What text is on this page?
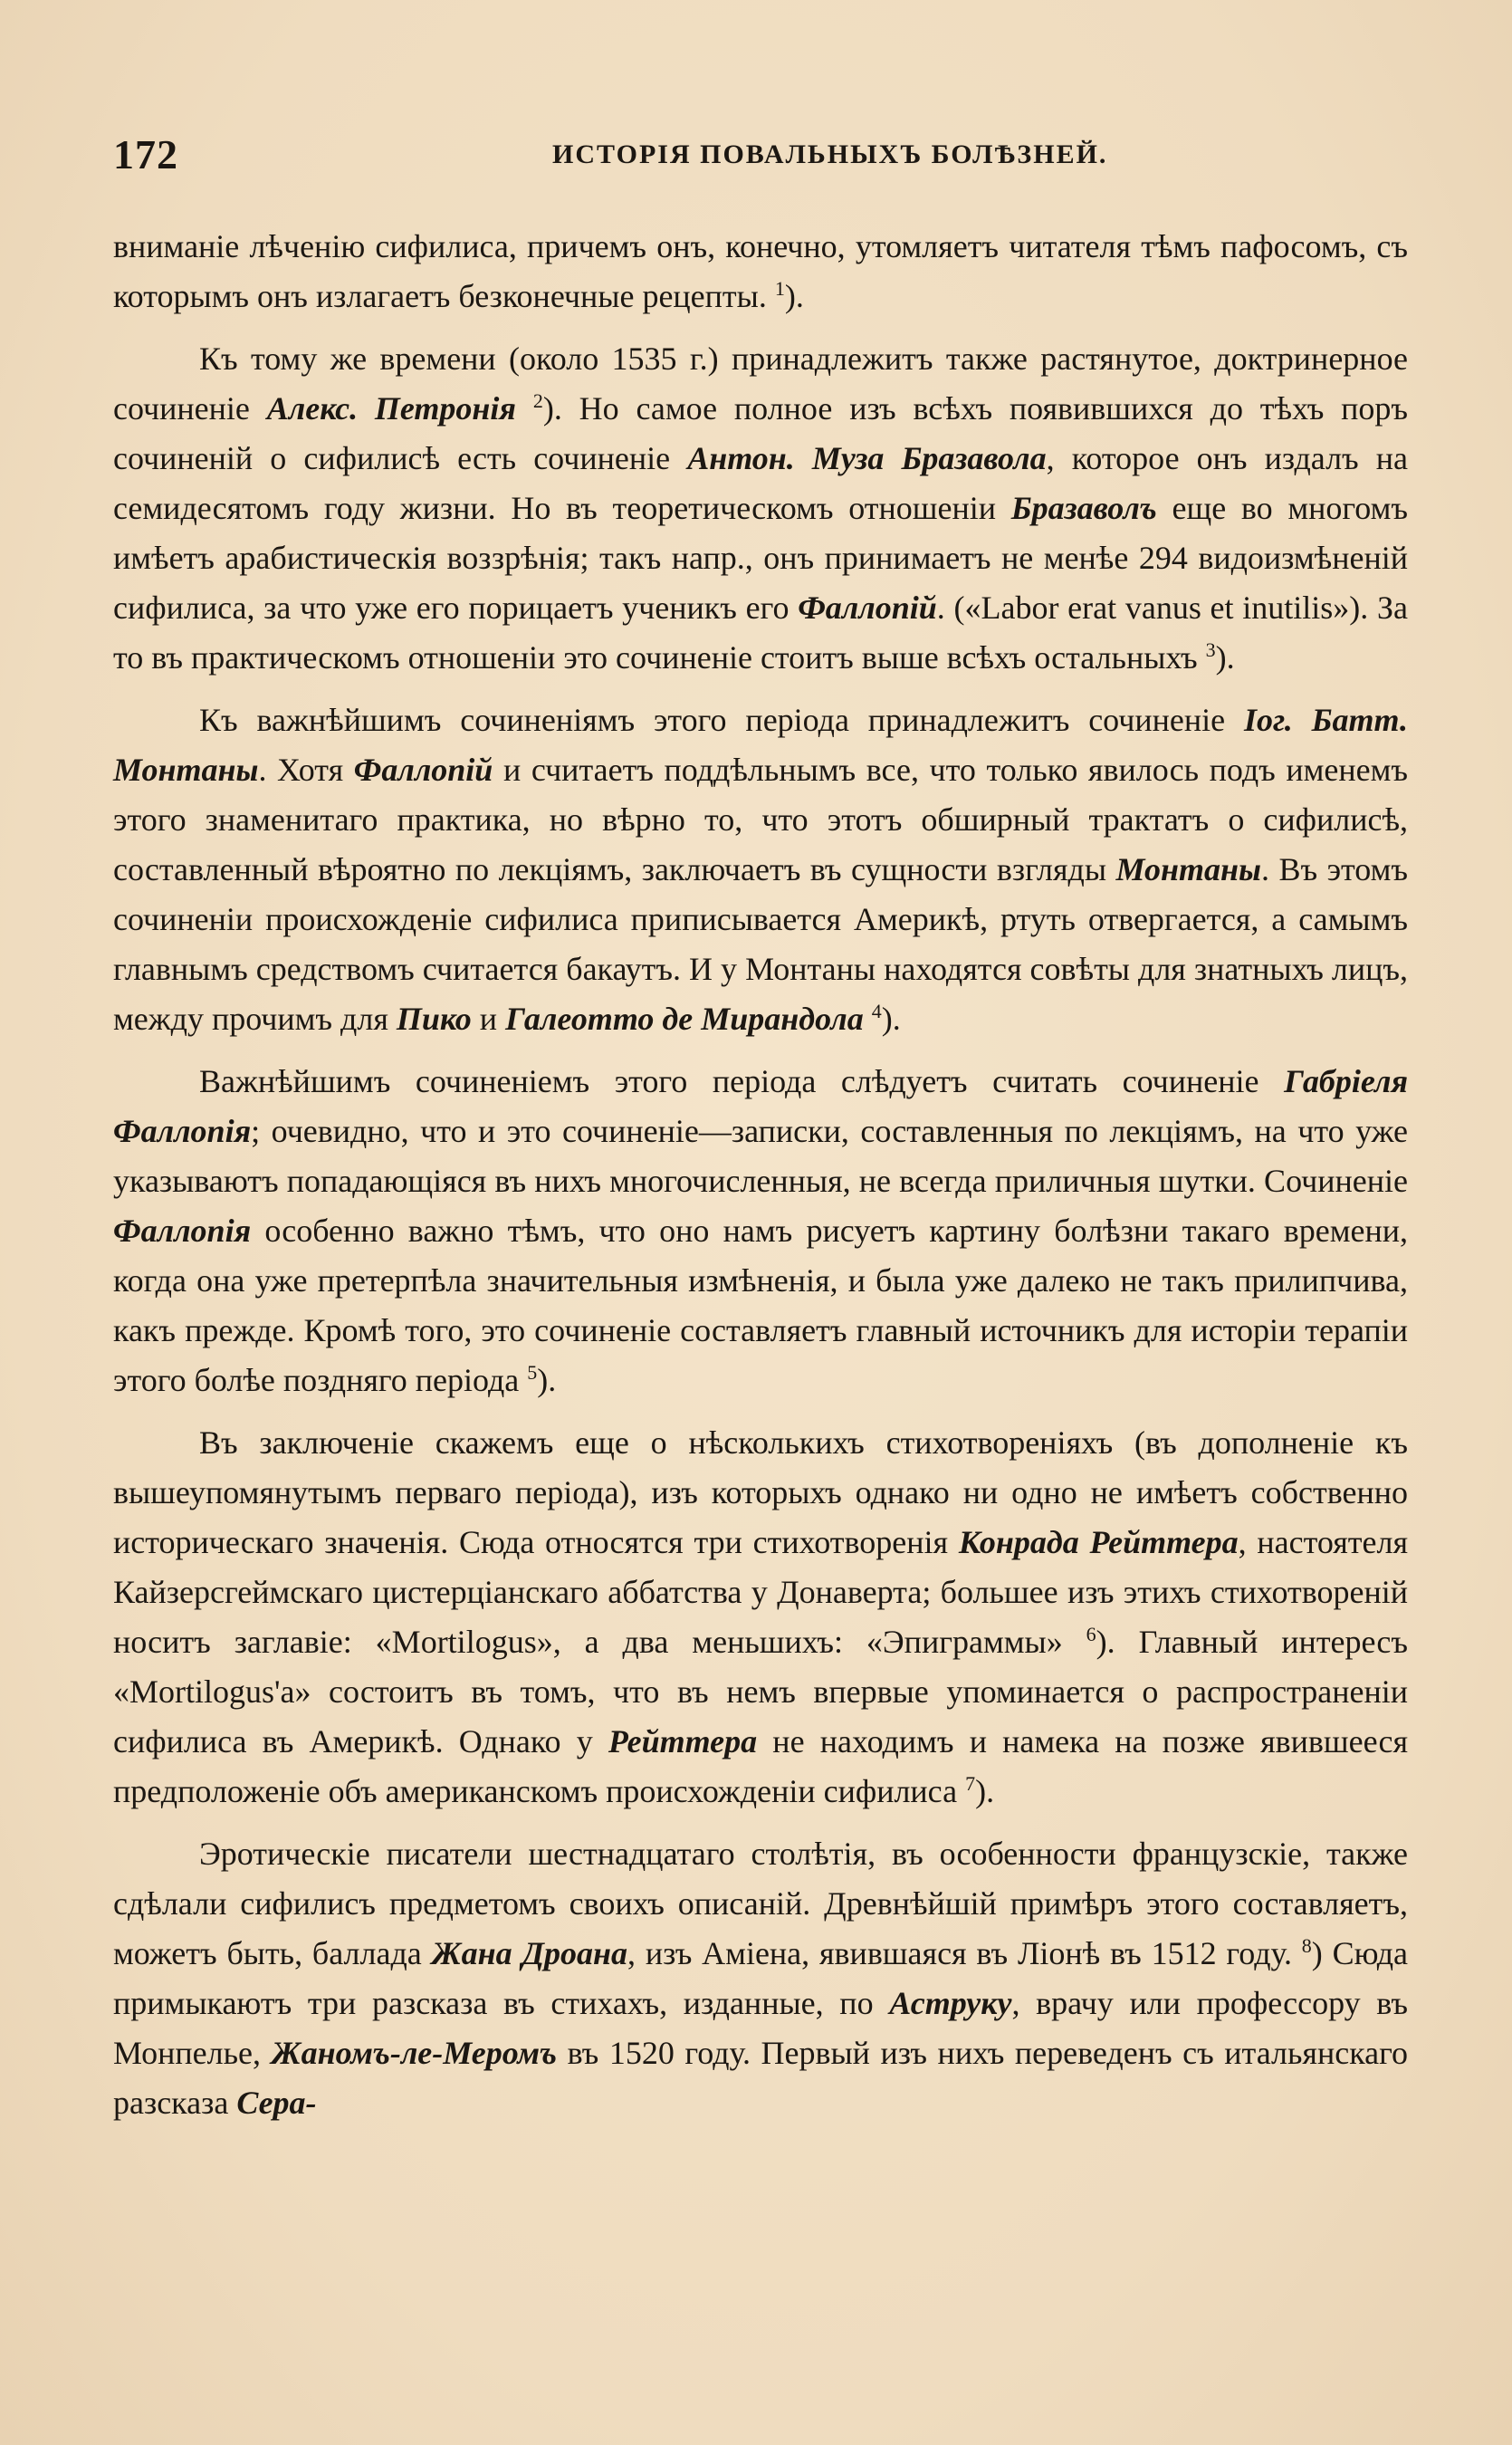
172	ИСТОРІЯ ПОВАЛЬНЫХЪ БОЛѢЗНЕЙ.

вниманіе лѣченію сифилиса, причемъ онъ, конечно, утомляетъ читателя тѣмъ пафосомъ, съ которымъ онъ излагаетъ безконечные рецепты. $^1$).

Къ тому же времени (около 1535 г.) принадлежитъ также растянутое, доктринерное сочиненіе Алекс. Петронія $^2$). Но самое полное изъ всѣхъ появившихся до тѣхъ поръ сочиненій о сифилисѣ есть сочиненіе Антон. Муза Бразавола, которое онъ издалъ на семидесятомъ году жизни. Но въ теоретическомъ отношеніи Бразаволъ еще во многомъ имѣетъ арабистическія воззрѣнія; такъ напр., онъ принимаетъ не менѣе 294 видоизмѣненій сифилиса, за что уже его порицаетъ ученикъ его Фаллопій. («Labor erat vanus et inutilis»). За то въ практическомъ отношеніи это сочиненіе стоитъ выше всѣхъ остальныхъ $^3$).

Къ важнѣйшимъ сочиненіямъ этого періода принадлежитъ сочиненіе Іог. Батт. Монтаны. Хотя Фаллопій и считаетъ поддѣльнымъ все, что только явилось подъ именемъ этого знаменитаго практика, но вѣрно то, что этотъ обширный трактатъ о сифилисѣ, составленный вѣроятно по лекціямъ, заключаетъ въ сущности взгляды Монтаны. Въ этомъ сочиненіи происхожденіе сифилиса приписывается Америкѣ, ртуть отвергается, а самымъ главнымъ средствомъ считается бакаутъ. И у Монтаны находятся совѣты для знатныхъ лицъ, между прочимъ для Пико и Галеотто де Мирандола $^4$).

Важнѣйшимъ сочиненіемъ этого періода слѣдуетъ считать сочиненіе Габріеля Фаллопія; очевидно, что и это сочиненіе—записки, составленныя по лекціямъ, на что уже указываютъ попадающіяся въ нихъ многочисленныя, не всегда приличныя шутки. Сочиненіе Фаллопія особенно важно тѣмъ, что оно намъ рисуетъ картину болѣзни такаго времени, когда она уже претерпѣла значительныя измѣненія, и была уже далеко не такъ прилипчива, какъ прежде. Кромѣ того, это сочиненіе составляетъ главный источникъ для исторіи терапіи этого болѣе поздняго періода $^5$).

Въ заключеніе скажемъ еще о нѣсколькихъ стихотвореніяхъ (въ дополненіе къ вышеупомянутымъ перваго періода), изъ которыхъ однако ни одно не имѣетъ собственно историческаго значенія. Сюда относятся три стихотворенія Конрада Рейттера, настоятеля Кайзерсгеймскаго цистерціанскаго аббатства у Донаверта; большее изъ этихъ стихотвореній носитъ заглавіе: «Mortilogus», а два меньшихъ: «Эпиграммы» $^6$). Главный интересъ «Mortilogus'а» состоитъ въ томъ, что въ немъ впервые упоминается о распространеніи сифилиса въ Америкѣ. Однако у Рейттера не находимъ и намека на позже явившееся предположеніе объ американскомъ происхожденіи сифилиса $^7$).

Эротическіе писатели шестнадцатаго столѣтія, въ особенности французскіе, также сдѣлали сифилисъ предметомъ своихъ описаній. Древнѣйшій примѣръ этого составляетъ, можетъ быть, баллада Жана Дроана, изъ Аміена, явившаяся въ Ліонѣ въ 1512 году. $^8$) Сюда примыкаютъ три разсказа въ стихахъ, изданные, по Аструку, врачу или профессору въ Монпелье, Жаномъ-ле-Меромъ въ 1520 году. Первый изъ нихъ переведенъ съ итальянскаго разсказа Сера-
